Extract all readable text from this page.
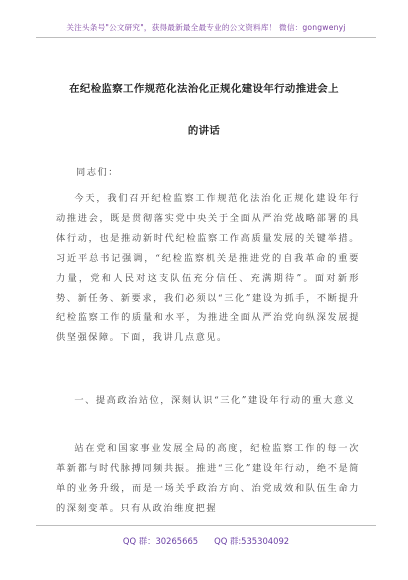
关注头条号"公文研究"，获得最新最全最专业的公文资料库！ 微信：gongwenyj
在纪检监察工作规范化法治化正规化建设年行动推进会上
的讲话
同志们：
今天，我们召开纪检监察工作规范化法治化正规化建设年行动推进会，既是贯彻落实党中央关于全面从严治党战略部署的具体行动，也是推动新时代纪检监察工作高质量发展的关键举措。习近平总书记强调，“纪检监察机关是推进党的自我革命的重要力量，党和人民对这支队伍充分信任、充满期待”。面对新形势、新任务、新要求，我们必须以“三化”建设为抓手，不断提升纪检监察工作的质量和水平，为推进全面从严治党向纵深发展提供坚强保障。下面，我讲几点意见。
一、提高政治站位，深刻认识“三化”建设年行动的重大意义
站在党和国家事业发展全局的高度，纪检监察工作的每一次革新都与时代脉搏同频共振。推进“三化”建设年行动，绝不是简单的业务升级，而是一场关乎政治方向、治党成效和队伍生命力的深刻变革。只有从政治维度把握
QQ 群：30265665 QQ 群:535304092
